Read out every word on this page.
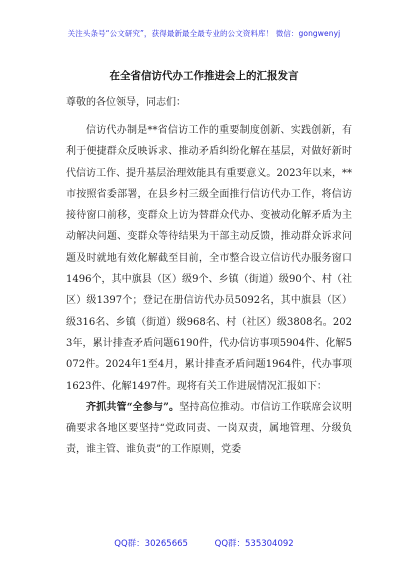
关注头条号“公文研究”，获得最新最全最专业的公文资料库！ 微信：gongwenyj
在全省信访代办工作推进会上的汇报发言
尊敬的各位领导，同志们：

信访代办制是**省信访工作的重要制度创新、实践创新，有利于便捷群众反映诉求、推动矛盾纠纷化解在基层，对做好新时代信访工作、提升基层治理效能具有重要意义。2023年以来，**市按照省委部署，在县乡村三级全面推行信访代办工作，将信访接待窗口前移，变群众上访为替群众代办、变被动化解矛盾为主动解决问题、变群众等待结果为干部主动反馈，推动群众诉求问题及时就地有效化解截至目前，全市整合设立信访代办服务窗口1496个，其中旗县（区）级9个、乡镇（街道）级90个、村（社区）级1397个；登记在册信访代办员5092名，其中旗县（区）级316名、乡镇（街道）级968名、村（社区）级3808名。2023年，累计排查矛盾问题6190件，代办信访事项5904件、化解5072件。2024年1至4月，累计排查矛盾问题1964件，代办事项1623件、化解1497件。现将有关工作进展情况汇报如下：

齐抓共管“全参与”。坚持高位推动。市信访工作联席会议明确要求各地区要坚持“党政同责、一岗双责，属地管理、分级负责，谁主管、谁负责”的工作原则，党委

QQ群：30265665	QQ群：535304092
